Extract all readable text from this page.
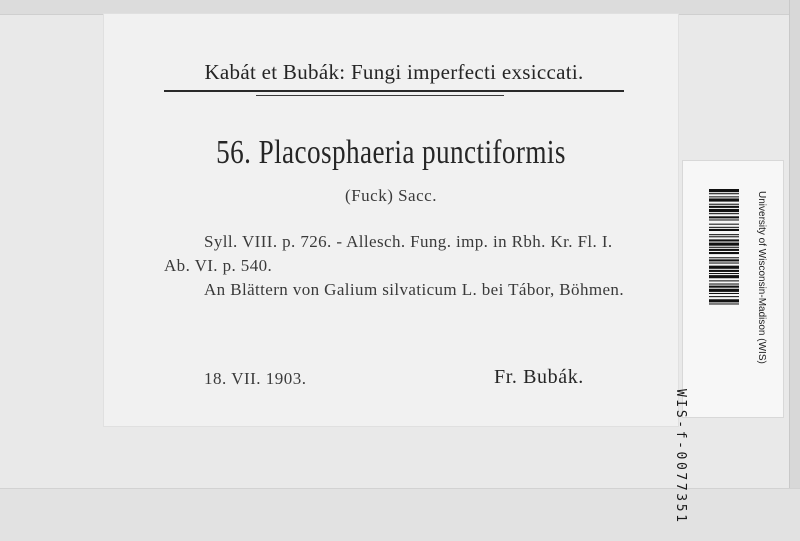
Kabát et Bubák: Fungi imperfecti exsiccati.
56. Placosphaeria punctiformis
(Fuck) Sacc.
Syll. VIII. p. 726. - Allesch. Fung. imp. in Rbh. Kr. Fl. I. Ab. VI. p. 540.
An Blättern von Galium silvaticum L. bei Tábor, Böhmen.
18. VII. 1903.	Fr. Bubák.
WIS-f-0077351
University of Wisconsin-Madison (WIS)
